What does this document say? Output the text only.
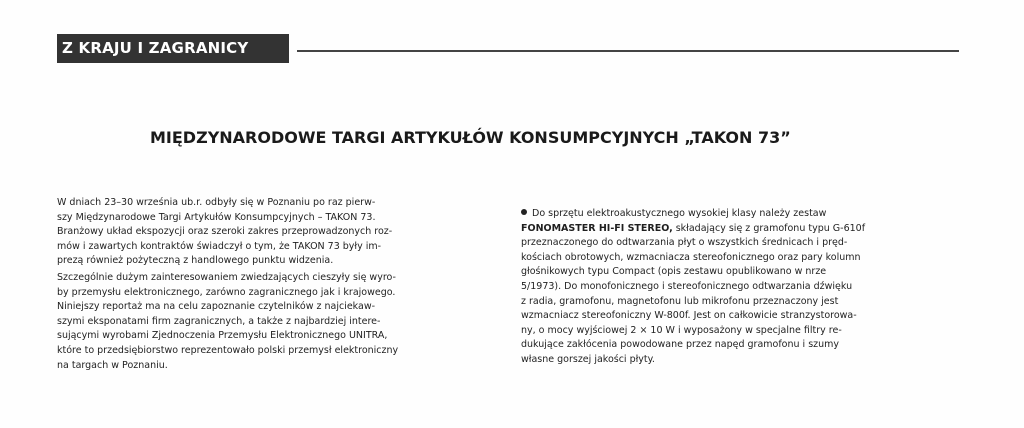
Z KRAJU I ZAGRANICY
MIĘDZYNARODOWE TARGI ARTYKUŁÓW KONSUMPCYJNYCH „TAKON 73”
W dniach 23–30 września ub.r. odbyły się w Poznaniu po raz pierw-
szy Międzynarodowe Targi Artykułów Konsumpcyjnych – TAKON 73.
Branżowy układ ekspozycji oraz szeroki zakres przeprowadzonych roz-
mów i zawartych kontraktów świadczył o tym, że TAKON 73 były im-
prezą również pożyteczną z handlowego punktu widzenia.
Szczególnie dużym zainteresowaniem zwiedzających cieszyły się wyro-
by przemysłu elektronicznego, zarówno zagranicznego jak i krajowego.
Niniejszy reportaż ma na celu zapoznanie czytelników z najciekaw-
szymi eksponatami firm zagranicznych, a także z najbardziej intere-
sującymi wyrobami Zjednoczenia Przemysłu Elektronicznego UNITRA,
które to przedsiębiorstwo reprezentowało polski przemysł elektroniczny
na targach w Poznaniu.
Do sprzętu elektroakustycznego wysokiej klasy należy zestaw
FONOMASTER HI-FI STEREO, składający się z gramofonu typu G-610f
przeznaczonego do odtwarzania płyt o wszystkich średnicach i pręd-
kościach obrotowych, wzmacniacza stereofonicznego oraz pary kolumn
głośnikowych typu Compact (opis zestawu opublikowano w nrze
5/1973). Do monofonicznego i stereofonicznego odtwarzania dźwięku
z radia, gramofonu, magnetofonu lub mikrofonu przeznaczony jest
wzmacniacz stereofoniczny W-800f. Jest on całkowicie stranzystorowa-
ny, o mocy wyjściowej 2 × 10 W i wyposażony w specjalne filtry re-
dukujące zakłócenia powodowane przez napęd gramofonu i szumy
własne gorszej jakości płyty.
